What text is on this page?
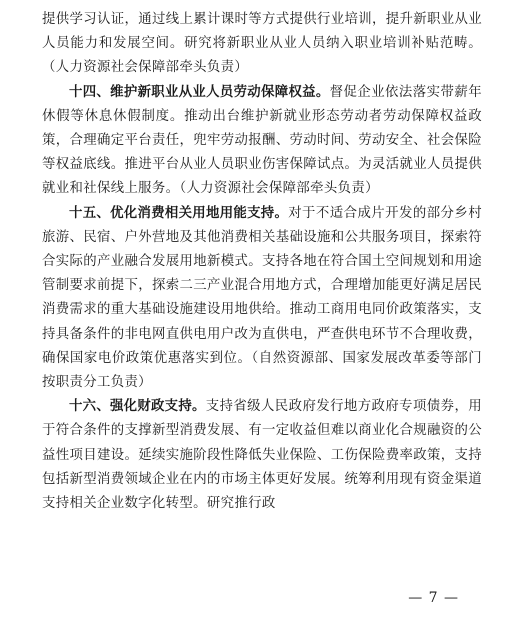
提供学习认证，通过线上累计课时等方式提供行业培训，提升新职业从业人员能力和发展空间。研究将新职业从业人员纳入职业培训补贴范畴。（人力资源社会保障部牵头负责）

十四、维护新职业从业人员劳动保障权益。督促企业依法落实带薪年休假等休息休假制度。推动出台维护新就业形态劳动者劳动保障权益政策，合理确定平台责任，兜牢劳动报酬、劳动时间、劳动安全、社会保险等权益底线。推进平台从业人员职业伤害保障试点。为灵活就业人员提供就业和社保线上服务。（人力资源社会保障部牵头负责）

十五、优化消费相关用地用能支持。对于不适合成片开发的部分乡村旅游、民宿、户外营地及其他消费相关基础设施和公共服务项目，探索符合实际的产业融合发展用地新模式。支持各地在符合国土空间规划和用途管制要求前提下，探索二三产业混合用地方式，合理增加能更好满足居民消费需求的重大基础设施建设用地供给。推动工商用电同价政策落实，支持具备条件的非电网直供电用户改为直供电，严查供电环节不合理收费，确保国家电价政策优惠落实到位。（自然资源部、国家发展改革委等部门按职责分工负责）

十六、强化财政支持。支持省级人民政府发行地方政府专项债券，用于符合条件的支撑新型消费发展、有一定收益但难以商业化合规融资的公益性项目建设。延续实施阶段性降低失业保险、工伤保险费率政策，支持包括新型消费领域企业在内的市场主体更好发展。统筹利用现有资金渠道支持相关企业数字化转型。研究推行政

— 7 —
